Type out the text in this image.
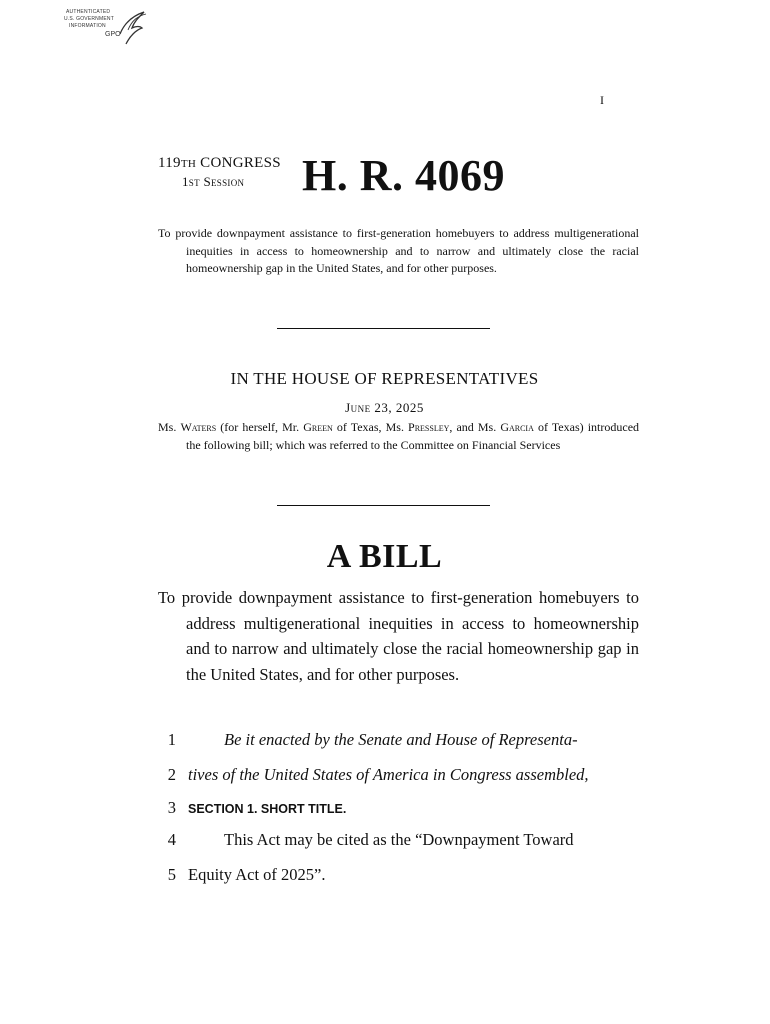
AUTHENTICATED
U.S. GOVERNMENT
INFORMATION
GPO
I
119TH CONGRESS
1st Session H. R. 4069
To provide downpayment assistance to first-generation homebuyers to address multigenerational inequities in access to homeownership and to narrow and ultimately close the racial homeownership gap in the United States, and for other purposes.
IN THE HOUSE OF REPRESENTATIVES
June 23, 2025
Ms. Waters (for herself, Mr. Green of Texas, Ms. Pressley, and Ms. Garcia of Texas) introduced the following bill; which was referred to the Committee on Financial Services
A BILL
To provide downpayment assistance to first-generation homebuyers to address multigenerational inequities in access to homeownership and to narrow and ultimately close the racial homeownership gap in the United States, and for other purposes.
1	Be it enacted by the Senate and House of Representa-
2 tives of the United States of America in Congress assembled,
3 SECTION 1. SHORT TITLE.
4	This Act may be cited as the “Downpayment Toward
5 Equity Act of 2025”.
